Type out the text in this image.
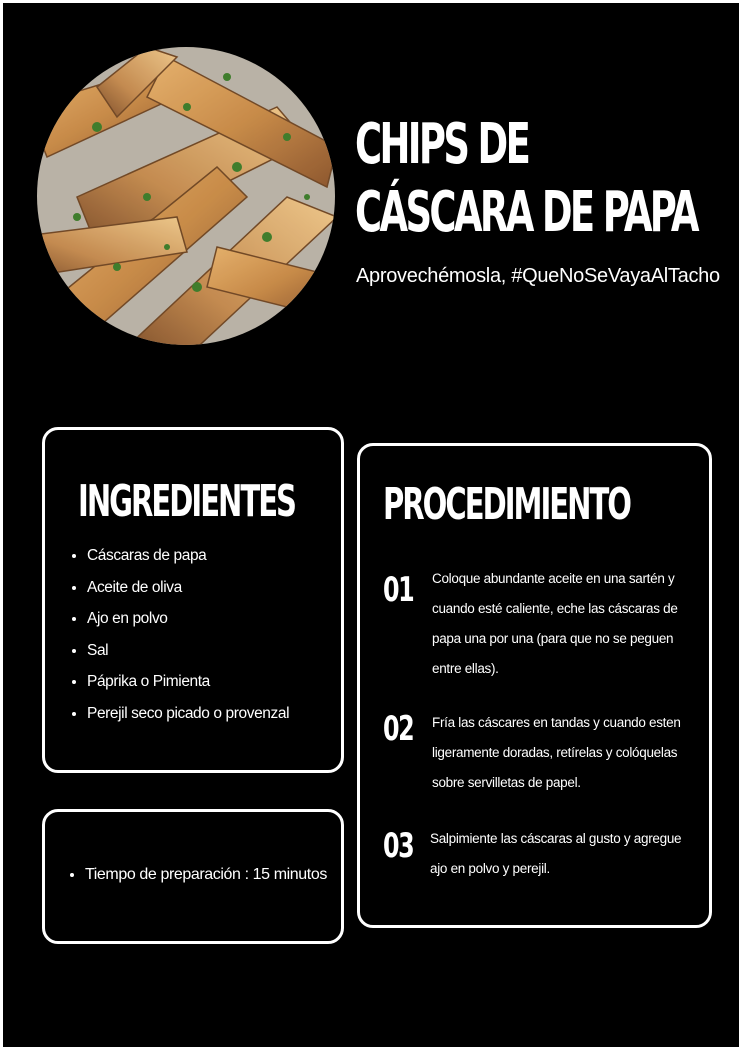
CHIPS DE
CÁSCARA DE PAPA
Aprovechémosla, #QueNoSeVayaAlTacho
INGREDIENTES
• Cáscaras de papa
• Aceite de oliva
• Ajo en polvo
• Sal
• Páprika o Pimienta
• Perejil seco picado o provenzal
• Tiempo de preparación : 15 minutos
PROCEDIMIENTO
01 Coloque abundante aceite en una sartén y cuando esté caliente, eche las cáscaras de papa una por una (para que no se peguen entre ellas).
02 Fría las cáscares en tandas y cuando esten ligeramente doradas, retírelas y colóquelas sobre servilletas de papel.
03 Salpimiente las cáscaras al gusto y agregue ajo en polvo y perejil.
